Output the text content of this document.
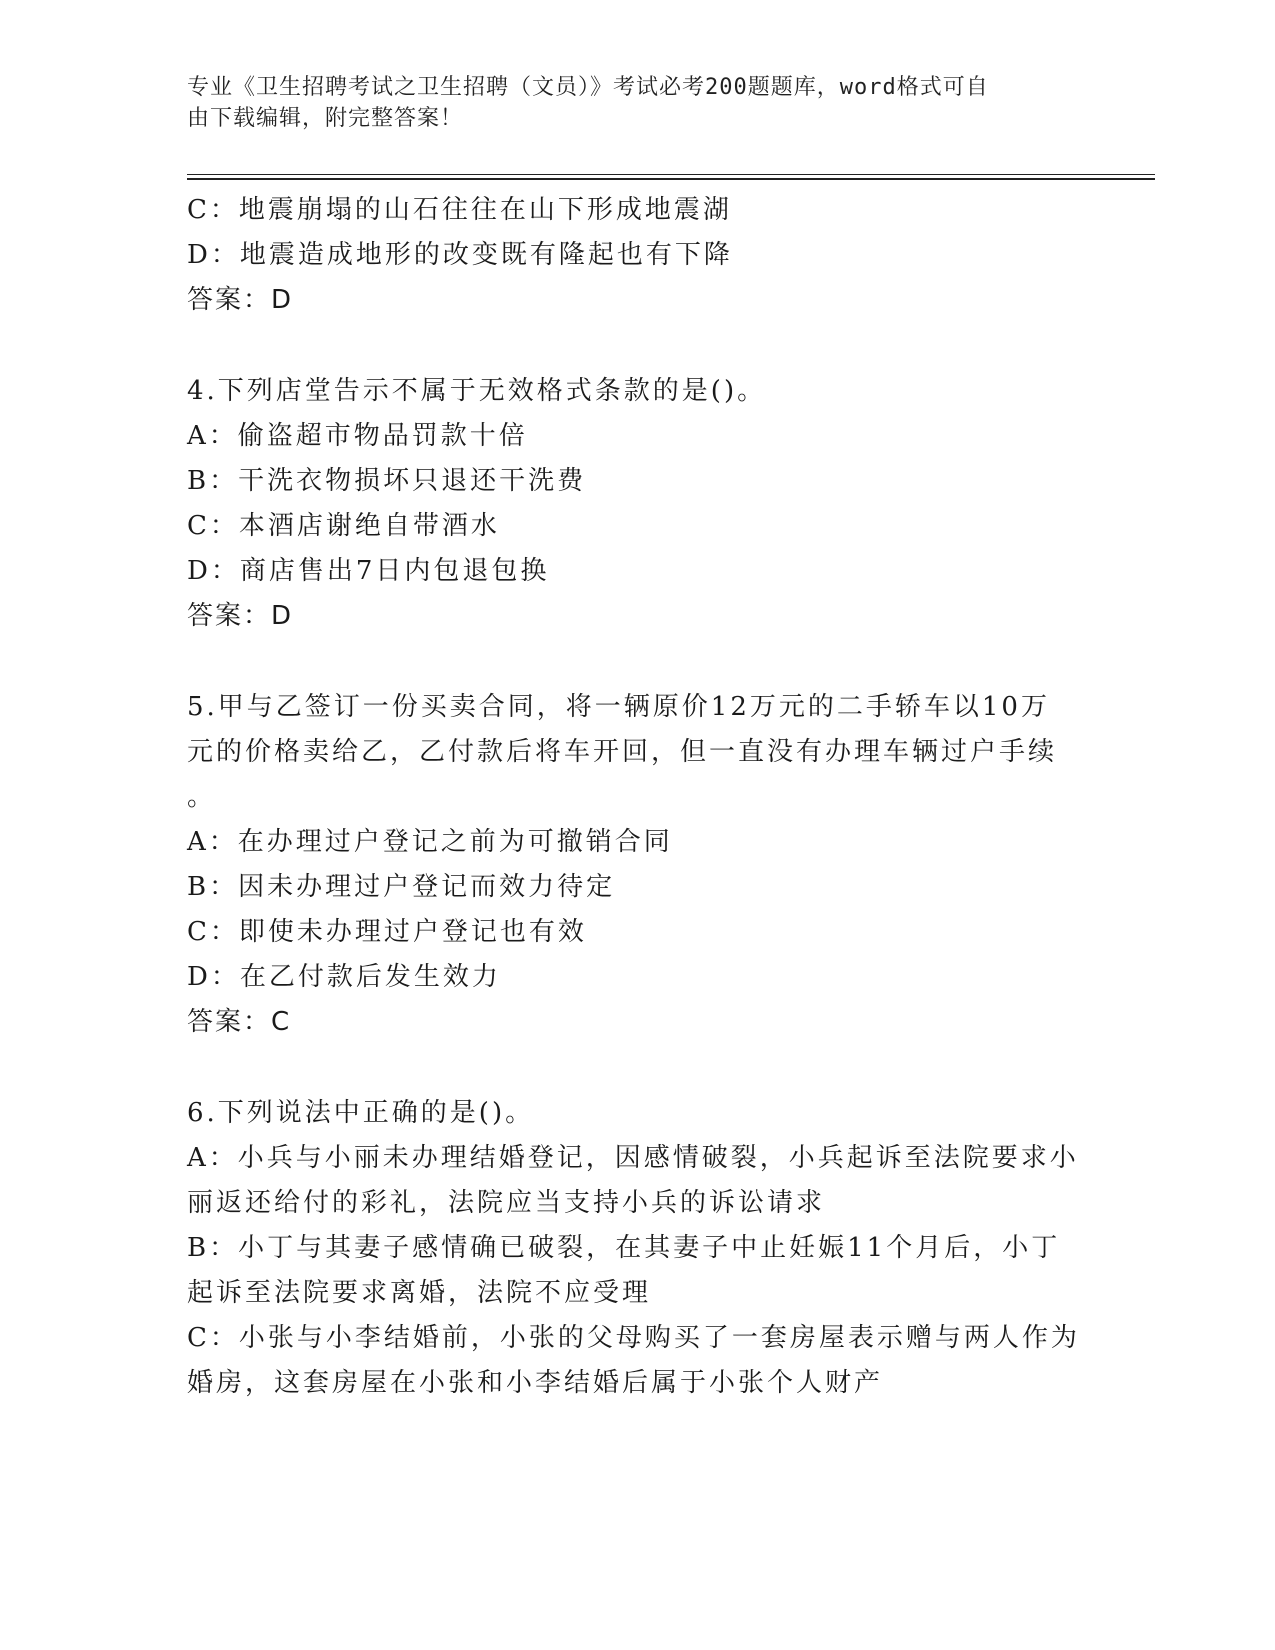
专业《卫生招聘考试之卫生招聘（文员）》考试必考200题题库，word格式可自
由下载编辑，附完整答案！
C：地震崩塌的山石往往在山下形成地震湖
D：地震造成地形的改变既有隆起也有下降
答案：D
4.下列店堂告示不属于无效格式条款的是()。
A：偷盗超市物品罚款十倍
B：干洗衣物损坏只退还干洗费
C：本酒店谢绝自带酒水
D：商店售出7日内包退包换
答案：D
5.甲与乙签订一份买卖合同，将一辆原价12万元的二手轿车以10万
元的价格卖给乙，乙付款后将车开回，但一直没有办理车辆过户手续
。
A：在办理过户登记之前为可撤销合同
B：因未办理过户登记而效力待定
C：即使未办理过户登记也有效
D：在乙付款后发生效力
答案：C
6.下列说法中正确的是()。
A：小兵与小丽未办理结婚登记，因感情破裂，小兵起诉至法院要求小
丽返还给付的彩礼，法院应当支持小兵的诉讼请求
B：小丁与其妻子感情确已破裂，在其妻子中止妊娠11个月后，小丁
起诉至法院要求离婚，法院不应受理
C：小张与小李结婚前，小张的父母购买了一套房屋表示赠与两人作为
婚房，这套房屋在小张和小李结婚后属于小张个人财产
